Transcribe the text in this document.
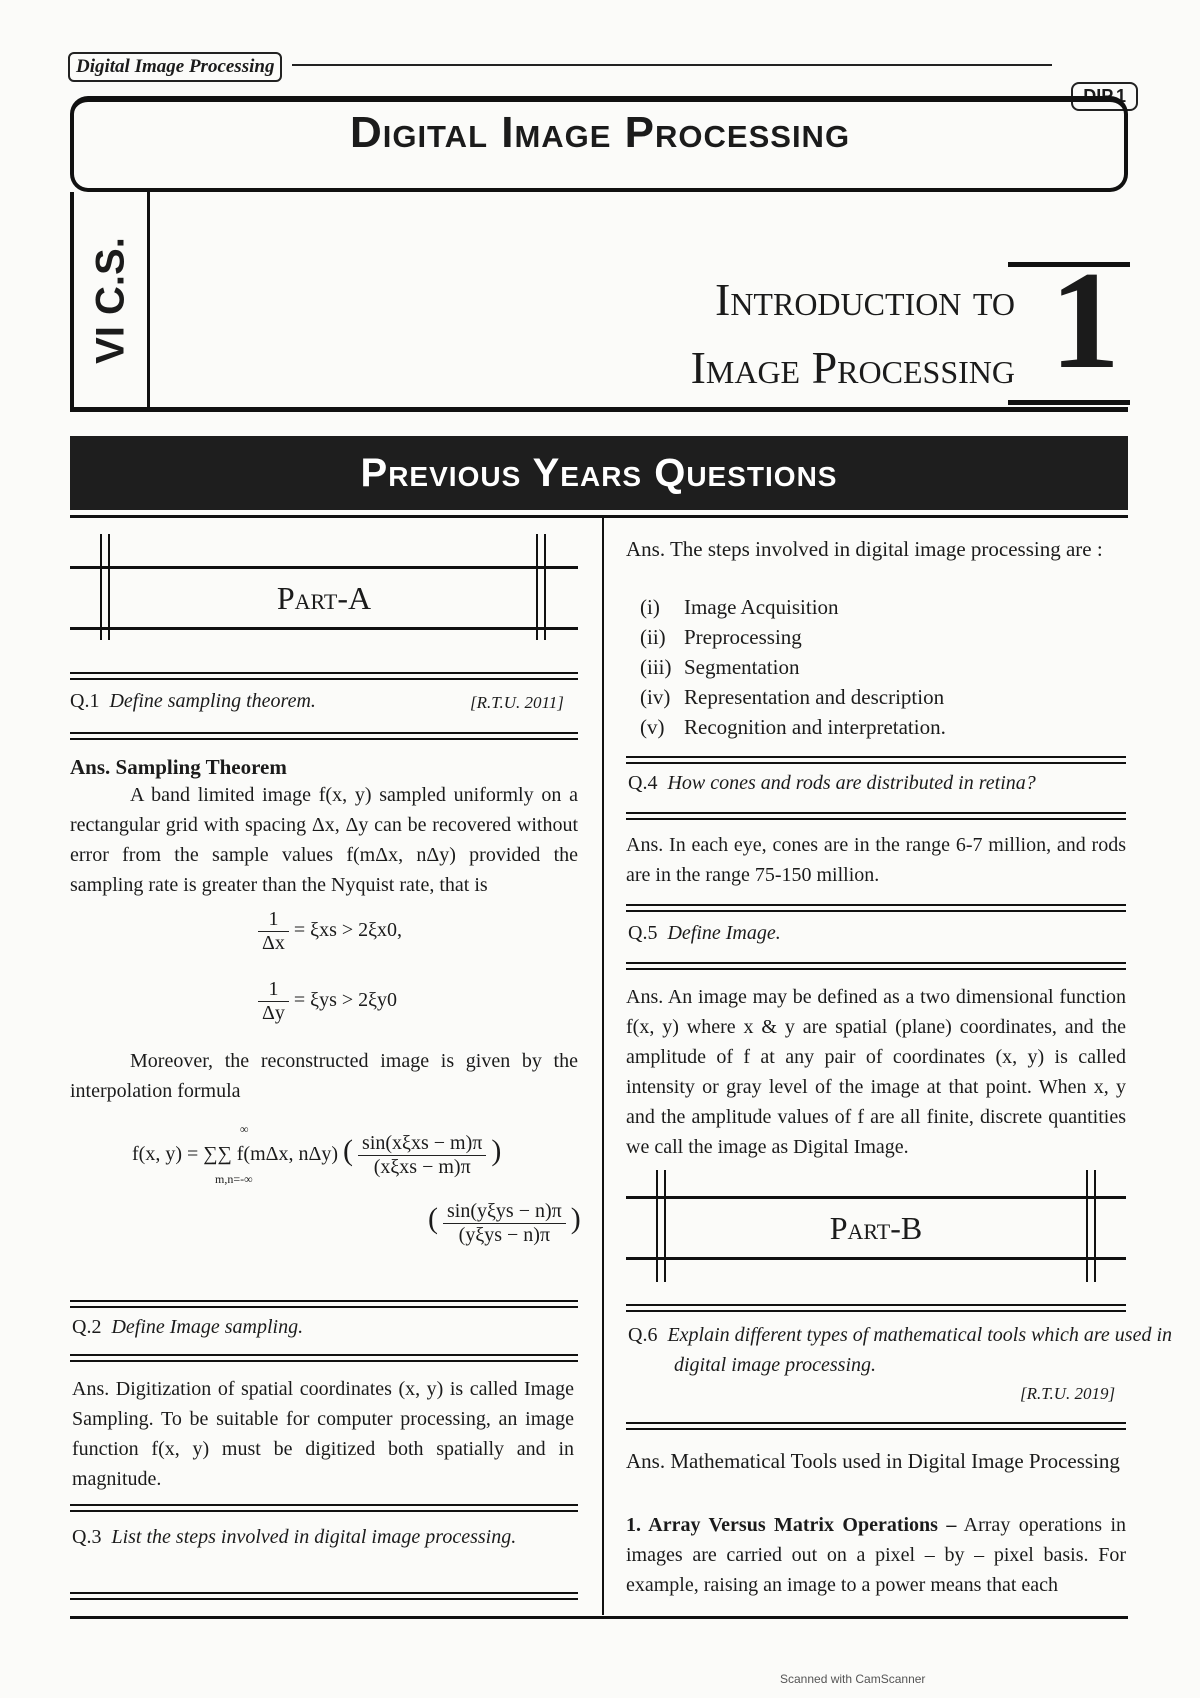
Digital Image Processing
DIP.1
Digital Image Processing
VI C.S.	Introduction to
Image Processing 1
Previous Years Questions
Part-A
Q.1 Define sampling theorem.	[R.T.U. 2011]
Ans. Sampling Theorem
A band limited image f(x, y) sampled uniformly on a rectangular grid with spacing Δx, Δy can be recovered without error from the sample values f(mΔx, nΔy) provided the sampling rate is greater than the Nyquist rate, that is
$\frac{1}{\Delta x} = \xi xs > 2\xi x0$,
$\frac{1}{\Delta y} = \xi ys > 2\xi y0$
Moreover, the reconstructed image is given by the interpolation formula
f(x, y) = ∑∑ f(mΔx, nΔy) ( $\frac{\text{sin(xξxs − m)π}}{\text{(xξxs − m)π}}$ )
m,n=-∞
∞
( $\frac{\text{sin(yξys − n)π}}{\text{(yξys − n)π}}$ )
Q.2 Define Image sampling.
Ans. Digitization of spatial coordinates (x, y) is called Image Sampling. To be suitable for computer processing, an image function f(x, y) must be digitized both spatially and in magnitude.
Q.3 List the steps involved in digital image processing.
Ans. The steps involved in digital image processing are :
(i) Image Acquisition
(ii) Preprocessing
(iii) Segmentation
(iv) Representation and description
(v) Recognition and interpretation.
Q.4 How cones and rods are distributed in retina?
Ans. In each eye, cones are in the range 6-7 million, and rods are in the range 75-150 million.
Q.5 Define Image.
Ans. An image may be defined as a two dimensional function f(x, y) where x & y are spatial (plane) coordinates, and the amplitude of f at any pair of coordinates (x, y) is called intensity or gray level of the image at that point. When x, y and the amplitude values of f are all finite, discrete quantities we call the image as Digital Image.
Part-B
Q.6 Explain different types of mathematical tools which are used in digital image processing.
[R.T.U. 2019]
Ans. Mathematical Tools used in Digital Image Processing
1. Array Versus Matrix Operations – Array operations in images are carried out on a pixel – by – pixel basis. For example, raising an image to a power means that each
Scanned with CamScanner
